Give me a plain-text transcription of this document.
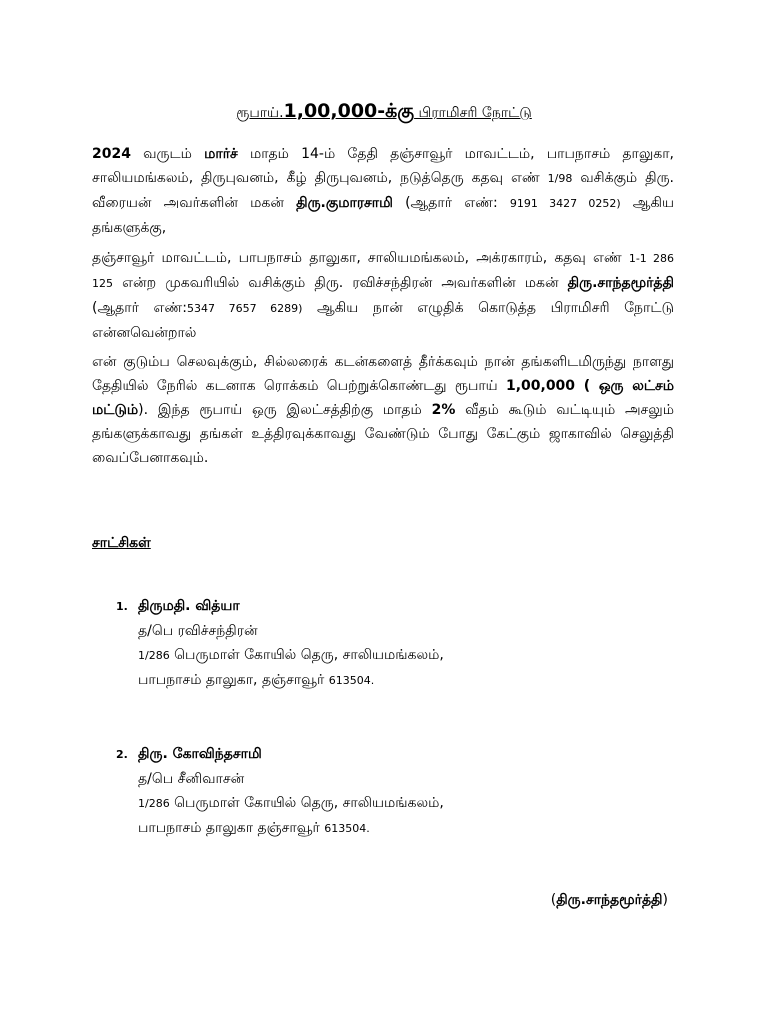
ரூபாய்.1,00,000-க்கு பிராமிசரி நோட்டு
2024 வருடம் மார்ச் மாதம் 14-ம் தேதி தஞ்சாவூர் மாவட்டம், பாபநாசம் தாலுகா, சாலியமங்கலம், திருபுவனம், கீழ் திருபுவனம், நடுத்தெரு கதவு எண் 1/98 வசிக்கும் திரு. வீரையன் அவர்களின் மகன் திரு.குமாரசாமி (ஆதார் எண்: 9191 3427 0252) ஆகிய தங்களுக்கு,
தஞ்சாவூர் மாவட்டம், பாபநாசம் தாலுகா, சாலியமங்கலம், அக்ரகாரம், கதவு எண் 1-1 286 125 என்ற முகவரியில் வசிக்கும் திரு. ரவிச்சந்திரன் அவர்களின் மகன் திரு.சாந்தமூர்த்தி (ஆதார் எண்:5347 7657 6289) ஆகிய நான் எழுதிக் கொடுத்த பிராமிசரி நோட்டு என்னவென்றால்
என் குடும்ப செலவுக்கும், சில்லரைக் கடன்களைத் தீர்க்கவும் நான் தங்களிடமிருந்து நாளது தேதியில் நேரில் கடனாக ரொக்கம் பெற்றுக்கொண்டது ரூபாய் 1,00,000 ( ஒரு லட்சம் மட்டும்). இந்த ரூபாய் ஒரு இலட்சத்திற்கு மாதம் 2% வீதம் கூடும் வட்டியும் அசலும் தங்களுக்காவது தங்கள் உத்திரவுக்காவது வேண்டும் போது கேட்கும் ஜாகாவில் செலுத்தி வைப்பேனாகவும்.
சாட்சிகள்
1. திருமதி. வித்யா
த/பெ ரவிச்சந்திரன்
1/286 பெருமாள் கோயில் தெரு, சாலியமங்கலம்,
பாபநாசம் தாலுகா, தஞ்சாவூர் 613504.
2. திரு. கோவிந்தசாமி
த/பெ சீனிவாசன்
1/286 பெருமாள் கோயில் தெரு, சாலியமங்கலம்,
பாபநாசம் தாலுகா தஞ்சாவூர் 613504.
(திரு.சாந்தமூர்த்தி)
